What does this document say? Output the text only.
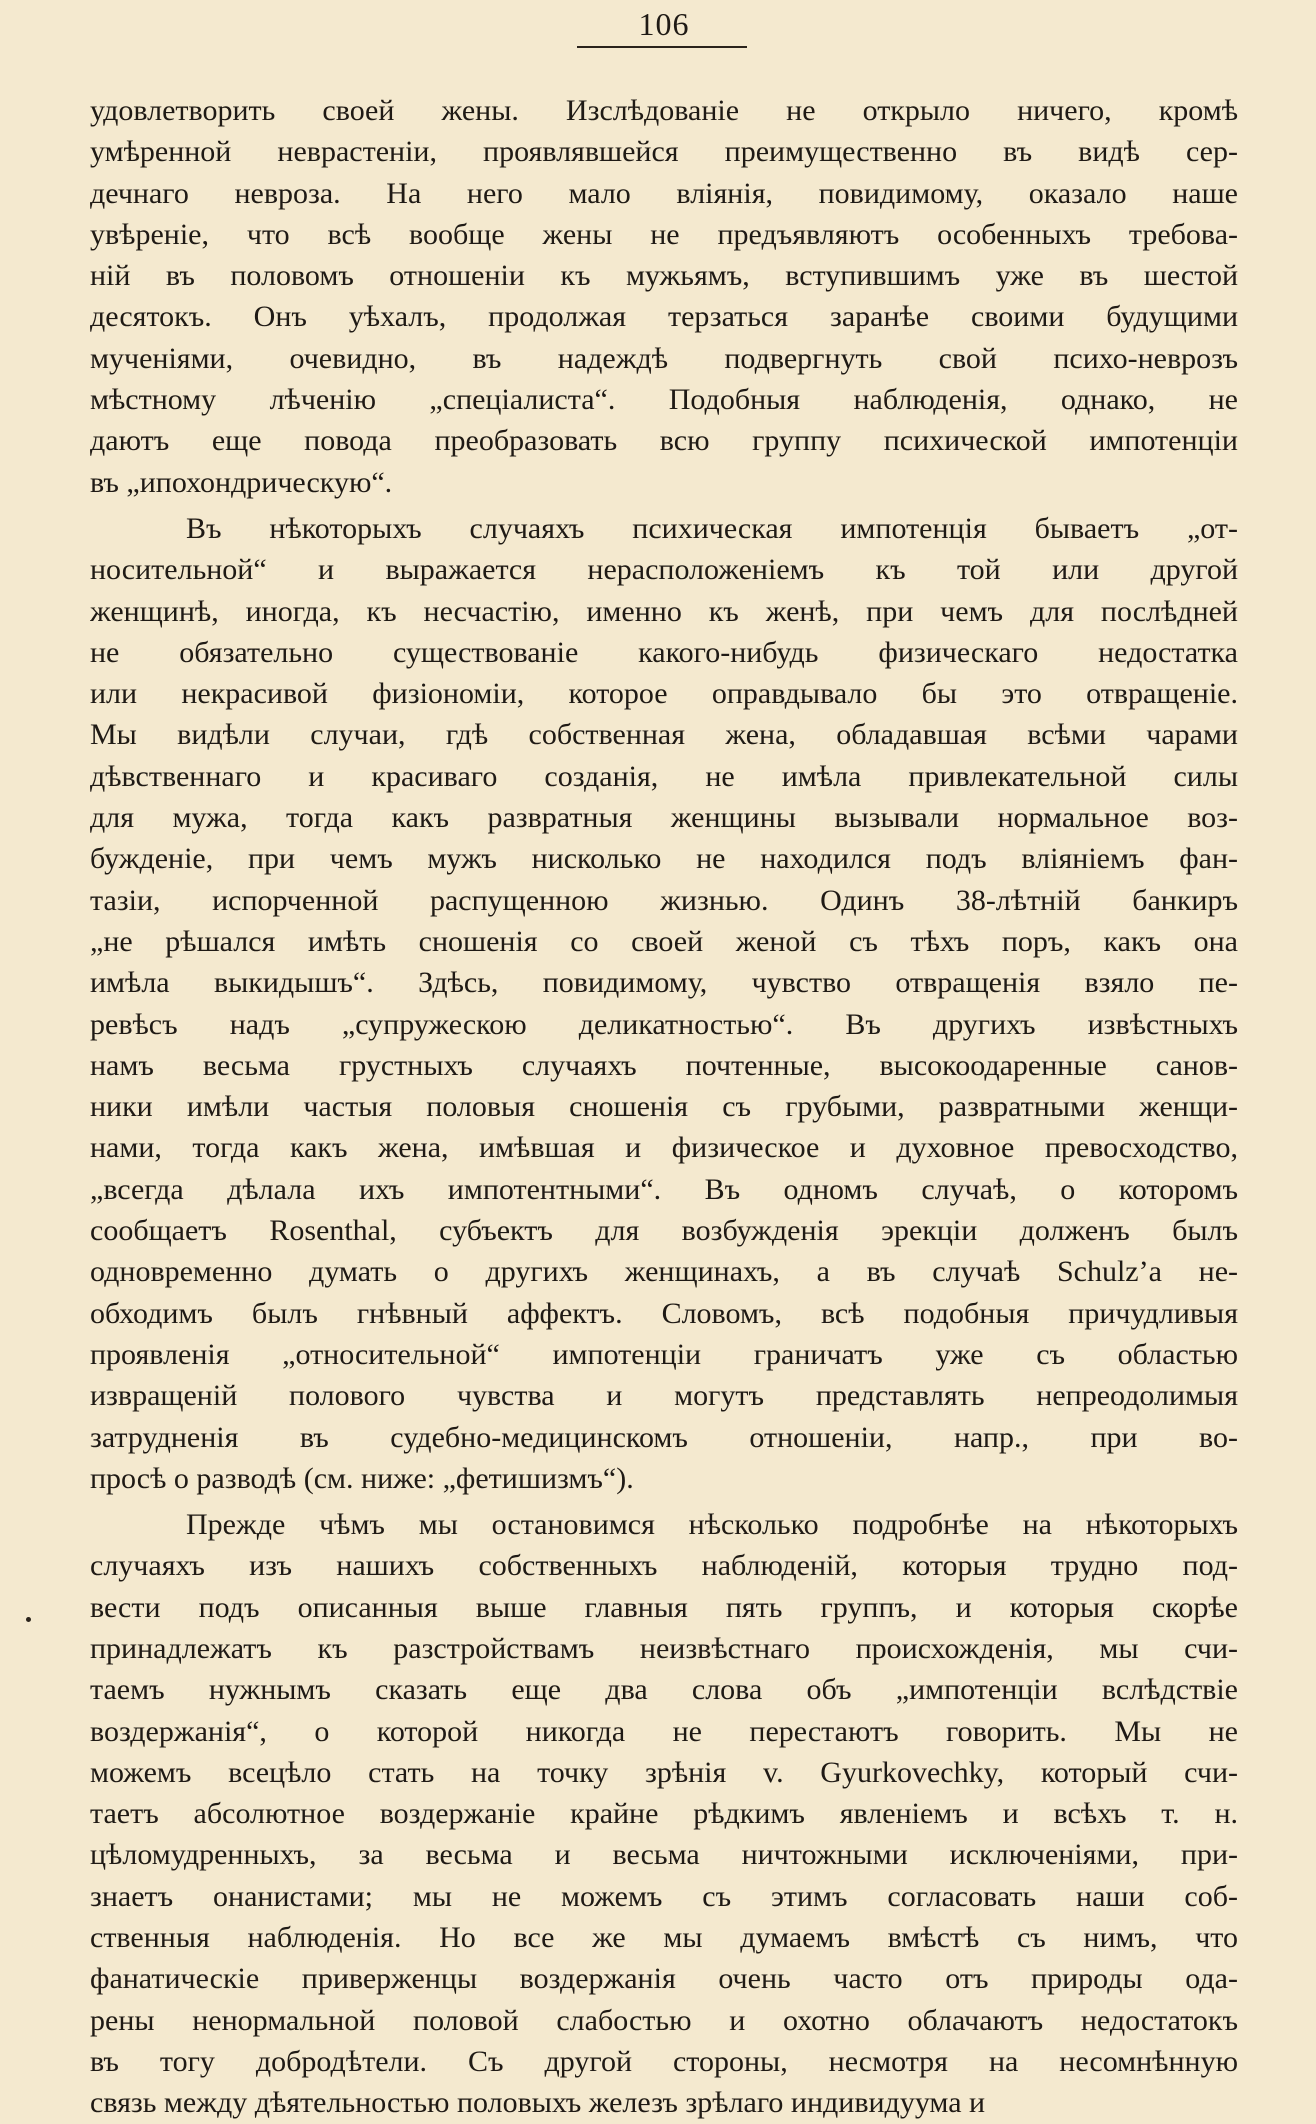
106
удовлетворить своей жены. Изслѣдованіе не открыло ничего, кромѣ
умѣренной неврастеніи, проявлявшейся преимущественно въ видѣ сер-
дечнаго невроза. На него мало вліянія, повидимому, оказало наше
увѣреніе, что всѣ вообще жены не предъявляютъ особенныхъ требова-
ній въ половомъ отношеніи къ мужьямъ, вступившимъ уже въ шестой
десятокъ. Онъ уѣхалъ, продолжая терзаться заранѣе своими будущими
мученіями, очевидно, въ надеждѣ подвергнуть свой психо-неврозъ
мѣстному лѣченію „спеціалиста“. Подобныя наблюденія, однако, не
даютъ еще повода преобразовать всю группу психической импотенціи
въ „ипохондрическую“.
Въ нѣкоторыхъ случаяхъ психическая импотенція бываетъ „от-
носительной“ и выражается нерасположеніемъ къ той или другой
женщинѣ, иногда, къ несчастію, именно къ женѣ, при чемъ для послѣдней
не обязательно существованіе какого-нибудь физическаго недостатка
или некрасивой физіономіи, которое оправдывало бы это отвращеніе.
Мы видѣли случаи, гдѣ собственная жена, обладавшая всѣми чарами
дѣвственнаго и красиваго созданія, не имѣла привлекательной силы
для мужа, тогда какъ развратныя женщины вызывали нормальное воз-
бужденіе, при чемъ мужъ нисколько не находился подъ вліяніемъ фан-
тазіи, испорченной распущенною жизнью. Одинъ 38-лѣтній банкиръ
„не рѣшался имѣть сношенія со своей женой съ тѣхъ поръ, какъ она
имѣла выкидышъ“. Здѣсь, повидимому, чувство отвращенія взяло пе-
ревѣсъ надъ „супружескою деликатностью“. Въ другихъ извѣстныхъ
намъ весьма грустныхъ случаяхъ почтенные, высокоодаренные санов-
ники имѣли частыя половыя сношенія съ грубыми, развратными женщи-
нами, тогда какъ жена, имѣвшая и физическое и духовное превосходство,
„всегда дѣлала ихъ импотентными“. Въ одномъ случаѣ, о которомъ
сообщаетъ Rosenthal, субъектъ для возбужденія эрекціи долженъ былъ
одновременно думать о другихъ женщинахъ, а въ случаѣ Schulz’а не-
обходимъ былъ гнѣвный аффектъ. Словомъ, всѣ подобныя причудливыя
проявленія „относительной“ импотенціи граничатъ уже съ областью
извращеній полового чувства и могутъ представлять непреодолимыя
затрудненія въ судебно-медицинскомъ отношеніи, напр., при во-
просѣ о разводѣ (см. ниже: „фетишизмъ“).
Прежде чѣмъ мы остановимся нѣсколько подробнѣе на нѣкоторыхъ
случаяхъ изъ нашихъ собственныхъ наблюденій, которыя трудно под-
вести подъ описанныя выше главныя пять группъ, и которыя скорѣе
принадлежатъ къ разстройствамъ неизвѣстнаго происхожденія, мы счи-
таемъ нужнымъ сказать еще два слова объ „импотенціи вслѣдствіе
воздержанія“, о которой никогда не перестаютъ говорить. Мы не
можемъ всецѣло стать на точку зрѣнія v. Gyurkovechky, который счи-
таетъ абсолютное воздержаніе крайне рѣдкимъ явленіемъ и всѣхъ т. н.
цѣломудренныхъ, за весьма и весьма ничтожными исключеніями, при-
знаетъ онанистами; мы не можемъ съ этимъ согласовать наши соб-
ственныя наблюденія. Но все же мы думаемъ вмѣстѣ съ нимъ, что
фанатическіе приверженцы воздержанія очень часто отъ природы ода-
рены ненормальной половой слабостью и охотно облачаютъ недостатокъ
въ тогу добродѣтели. Съ другой стороны, несмотря на несомнѣнную
связь между дѣятельностью половыхъ железъ зрѣлаго индивидуума и
